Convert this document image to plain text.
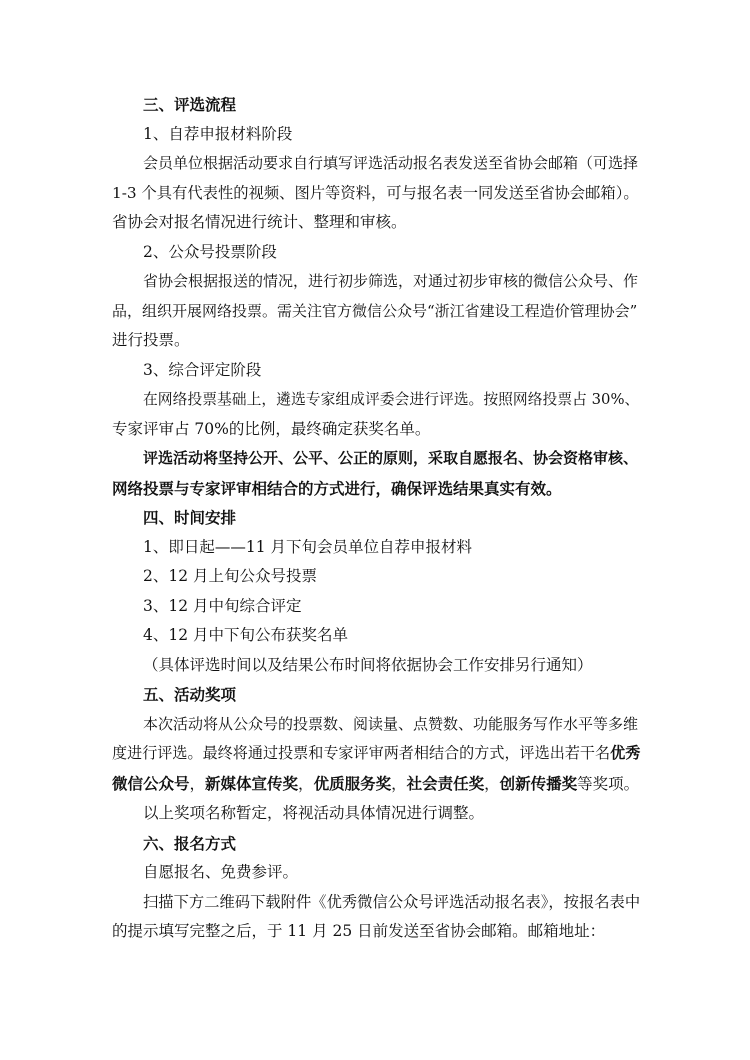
三、评选流程

1、自荐申报材料阶段

会员单位根据活动要求自行填写评选活动报名表发送至省协会邮箱（可选择

1-3 个具有代表性的视频、图片等资料，可与报名表一同发送至省协会邮箱）。

省协会对报名情况进行统计、整理和审核。

2、公众号投票阶段

省协会根据报送的情况，进行初步筛选，对通过初步审核的微信公众号、作

品，组织开展网络投票。需关注官方微信公众号“浙江省建设工程造价管理协会”

进行投票。

3、综合评定阶段

在网络投票基础上，遴选专家组成评委会进行评选。按照网络投票占 30%、

专家评审占 70%的比例，最终确定获奖名单。

评选活动将坚持公开、公平、公正的原则，采取自愿报名、协会资格审核、

网络投票与专家评审相结合的方式进行，确保评选结果真实有效。

四、时间安排

1、即日起——11 月下旬会员单位自荐申报材料

2、12 月上旬公众号投票

3、12 月中旬综合评定

4、12 月中下旬公布获奖名单

（具体评选时间以及结果公布时间将依据协会工作安排另行通知）

五、活动奖项

本次活动将从公众号的投票数、阅读量、点赞数、功能服务写作水平等多维

度进行评选。最终将通过投票和专家评审两者相结合的方式，评选出若干名优秀

微信公众号，新媒体宣传奖，优质服务奖，社会责任奖，创新传播奖等奖项。

以上奖项名称暂定，将视活动具体情况进行调整。

六、报名方式

自愿报名、免费参评。

扫描下方二维码下载附件《优秀微信公众号评选活动报名表》，按报名表中

的提示填写完整之后，于 11 月 25 日前发送至省协会邮箱。邮箱地址：
